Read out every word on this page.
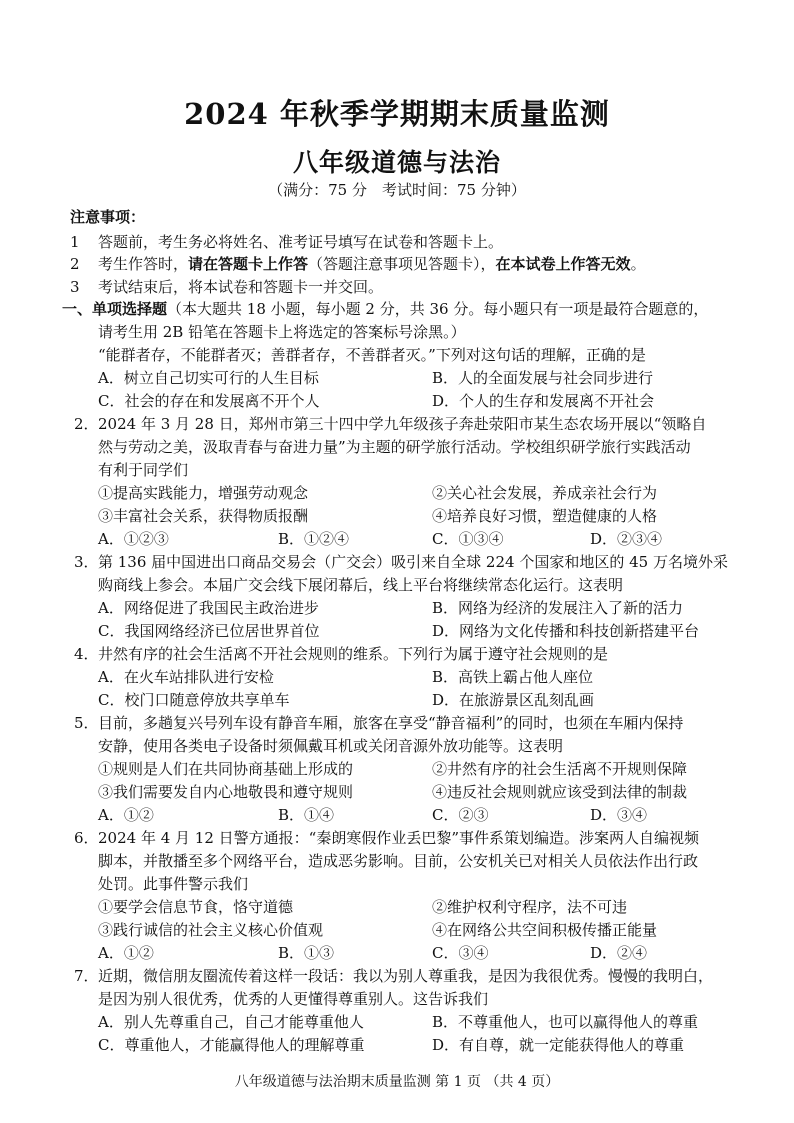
2024 年秋季学期期末质量监测
八年级道德与法治
（满分：75 分　考试时间：75 分钟）
注意事项：
1 答题前，考生务必将姓名、准考证号填写在试卷和答题卡上。
2 考生作答时，请在答题卡上作答（答题注意事项见答题卡），在本试卷上作答无效。
3 考试结束后，将本试卷和答题卡一并交回。
一、单项选择题（本大题共 18 小题，每小题 2 分，共 36 分。每小题只有一项是最符合题意的，
请考生用 2B 铅笔在答题卡上将选定的答案标号涂黑。）
“能群者存，不能群者灭；善群者存，不善群者灭。”下列对这句话的理解，正确的是
A．树立自己切实可行的人生目标	B．人的全面发展与社会同步进行
C．社会的存在和发展离不开个人	D．个人的生存和发展离不开社会
2． 2024 年 3 月 28 日，郑州市第三十四中学九年级孩子奔赴荥阳市某生态农场开展以“领略自
然与劳动之美，汲取青春与奋进力量”为主题的研学旅行活动。学校组织研学旅行实践活动
有利于同学们
①提高实践能力，增强劳动观念	②关心社会发展，养成亲社会行为
③丰富社会关系，获得物质报酬	④培养良好习惯，塑造健康的人格
A．①②③	B．①②④	C．①③④	D．②③④
3． 第 136 届中国进出口商品交易会（广交会）吸引来自全球 224 个国家和地区的 45 万名境外采
购商线上参会。本届广交会线下展闭幕后，线上平台将继续常态化运行。这表明
A．网络促进了我国民主政治进步	B．网络为经济的发展注入了新的活力
C．我国网络经济已位居世界首位	D．网络为文化传播和科技创新搭建平台
4． 井然有序的社会生活离不开社会规则的维系。下列行为属于遵守社会规则的是
A．在火车站排队进行安检	B．高铁上霸占他人座位
C．校门口随意停放共享单车	D．在旅游景区乱刻乱画
5． 目前，多趟复兴号列车设有静音车厢，旅客在享受“静音福利”的同时，也须在车厢内保持
安静，使用各类电子设备时须佩戴耳机或关闭音源外放功能等。这表明
①规则是人们在共同协商基础上形成的	②井然有序的社会生活离不开规则保障
③我们需要发自内心地敬畏和遵守规则	④违反社会规则就应该受到法律的制裁
A．①②	B．①④	C．②③	D．③④
6． 2024 年 4 月 12 日警方通报：“秦朗寒假作业丢巴黎”事件系策划编造。涉案两人自编视频
脚本，并散播至多个网络平台，造成恶劣影响。目前，公安机关已对相关人员依法作出行政
处罚。此事件警示我们
①要学会信息节食，恪守道德	②维护权利守程序，法不可违
③践行诚信的社会主义核心价值观	④在网络公共空间积极传播正能量
A．①②	B．①③	C．③④	D．②④
7． 近期，微信朋友圈流传着这样一段话：我以为别人尊重我，是因为我很优秀。慢慢的我明白，
是因为别人很优秀，优秀的人更懂得尊重别人。这告诉我们
A．别人先尊重自己，自己才能尊重他人	B．不尊重他人，也可以赢得他人的尊重
C．尊重他人，才能赢得他人的理解尊重	D．有自尊，就一定能获得他人的尊重
八年级道德与法治期末质量监测 第 1 页 （共 4 页）
